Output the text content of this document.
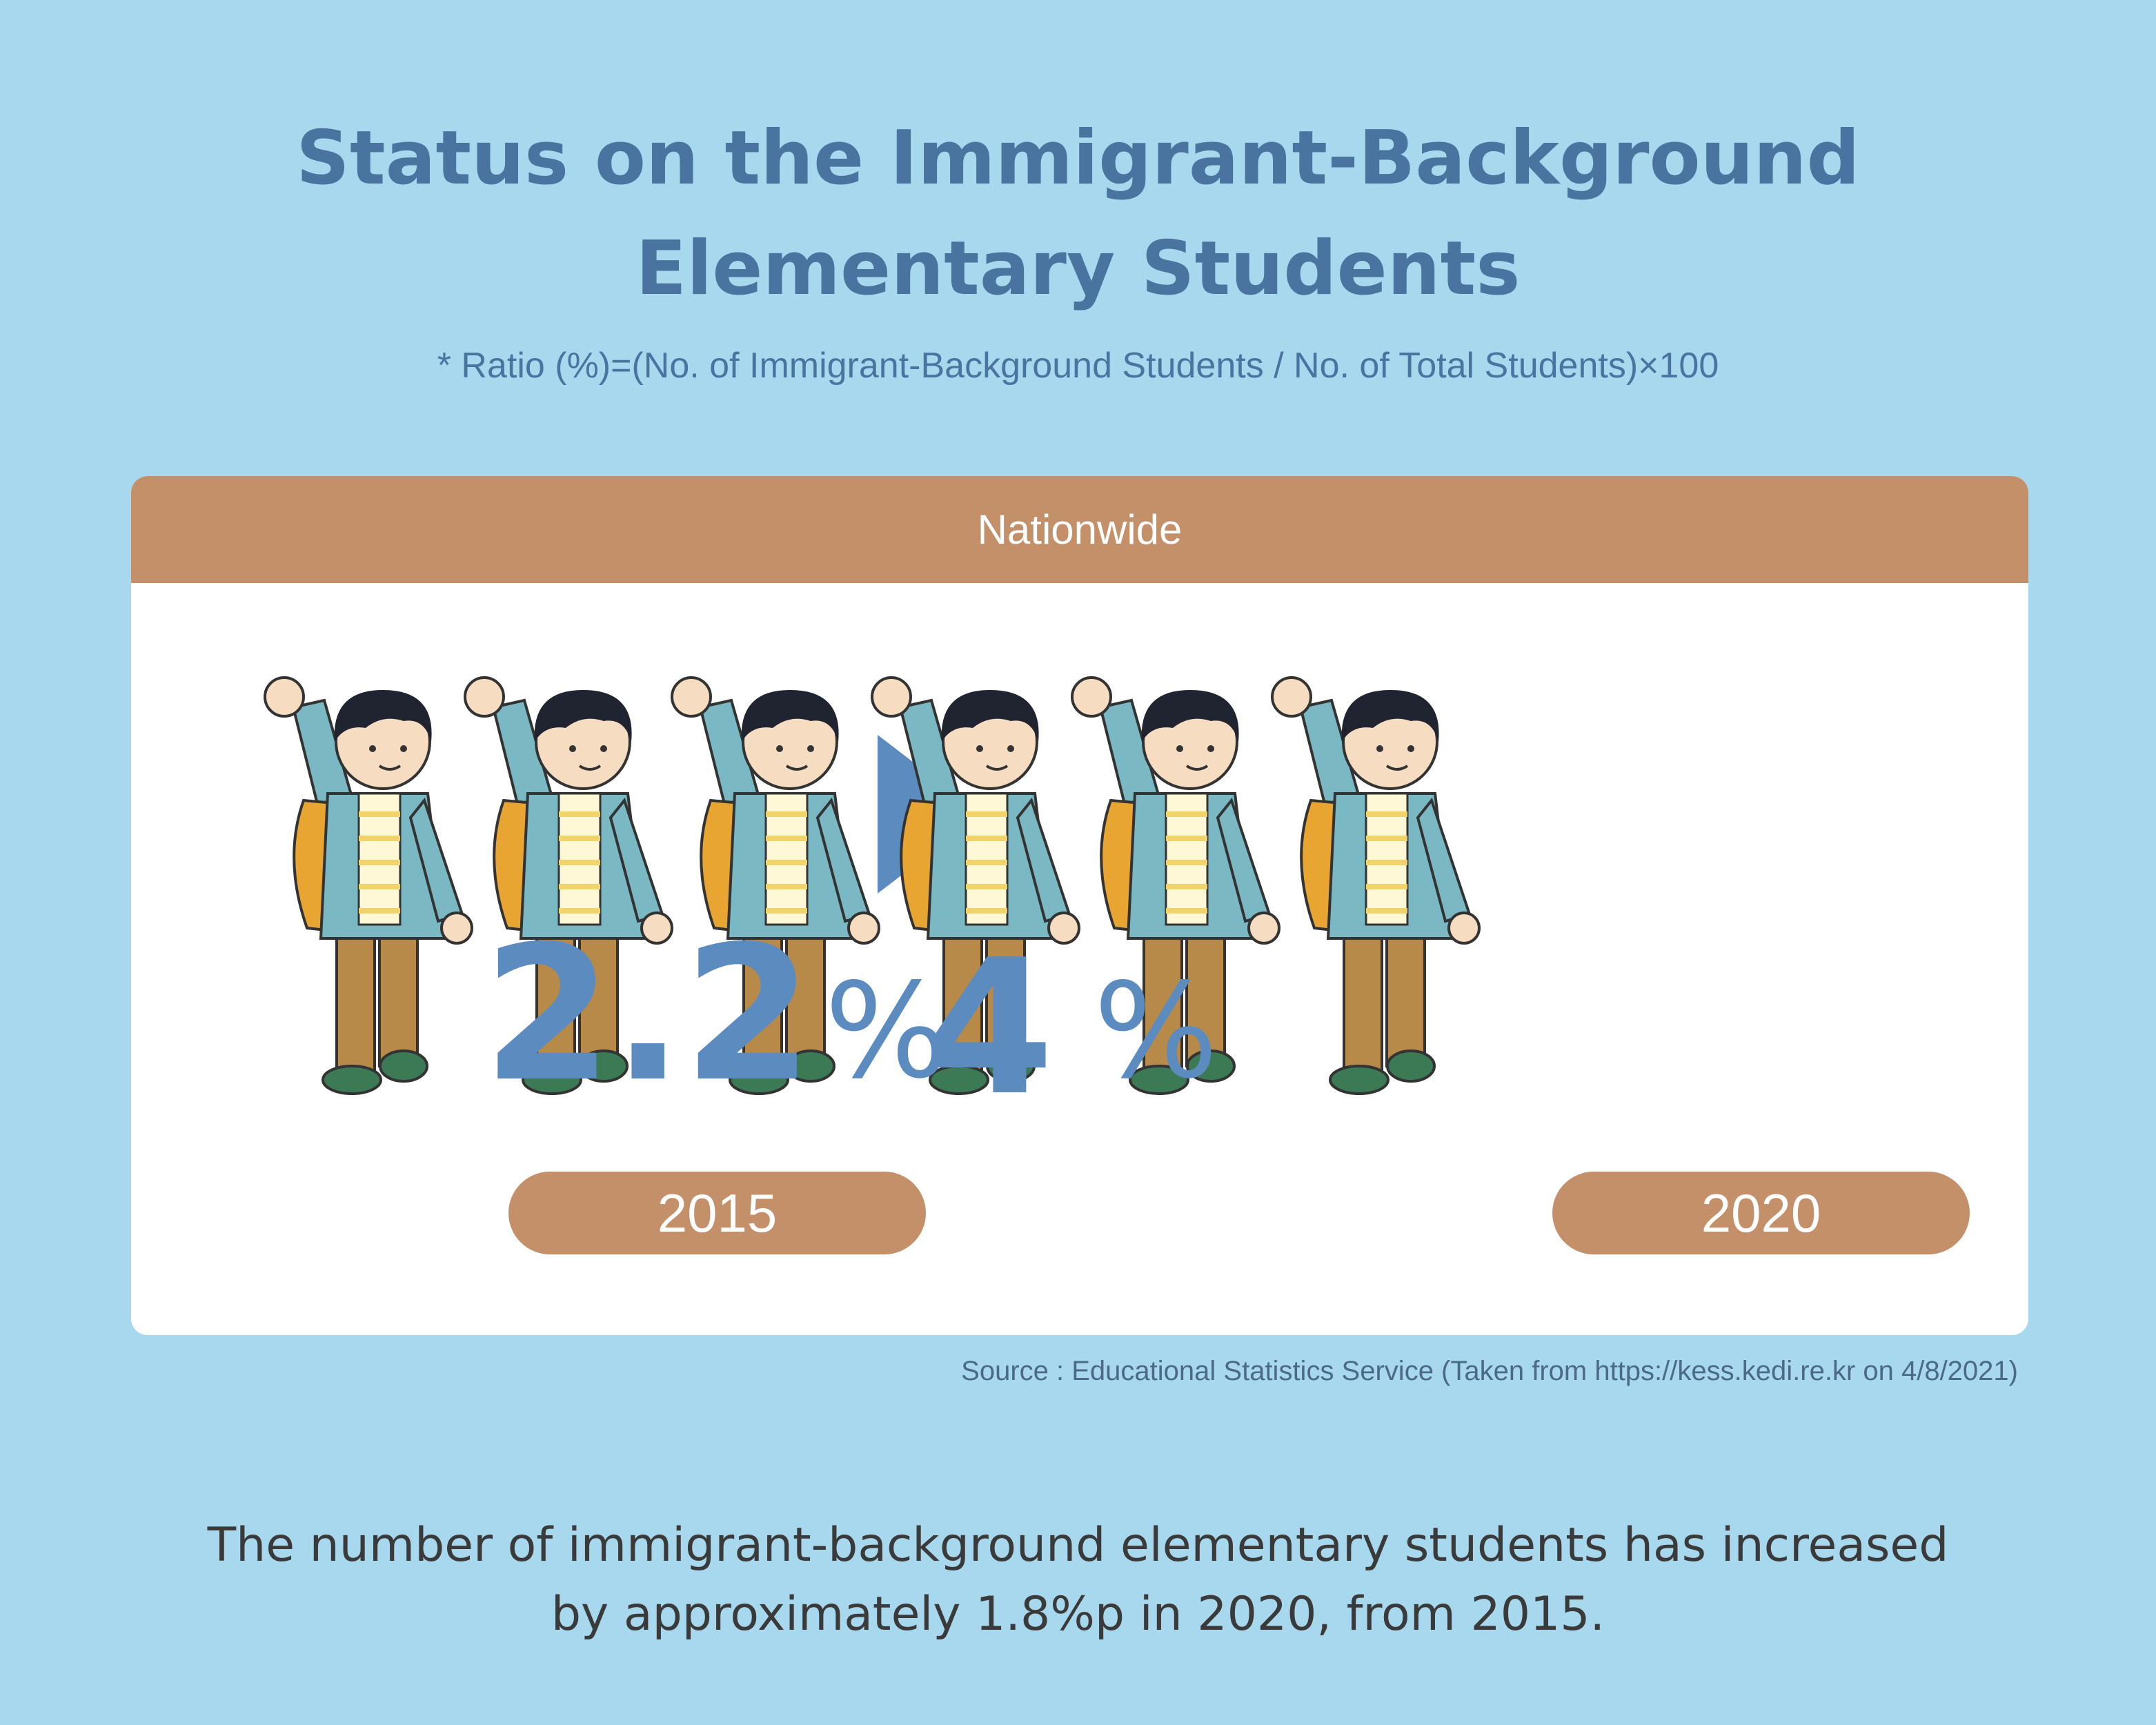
Status on the Immigrant-Background
Elementary Students
* Ratio (%)=(No. of Immigrant-Background Students / No. of Total Students)×100
Nationwide
2.2 %
2015
4 %
2020
Source : Educational Statistics Service (Taken from https://kess.kedi.re.kr on 4/8/2021)
The number of immigrant-background elementary students has increased
by approximately 1.8%p in 2020, from 2015.
